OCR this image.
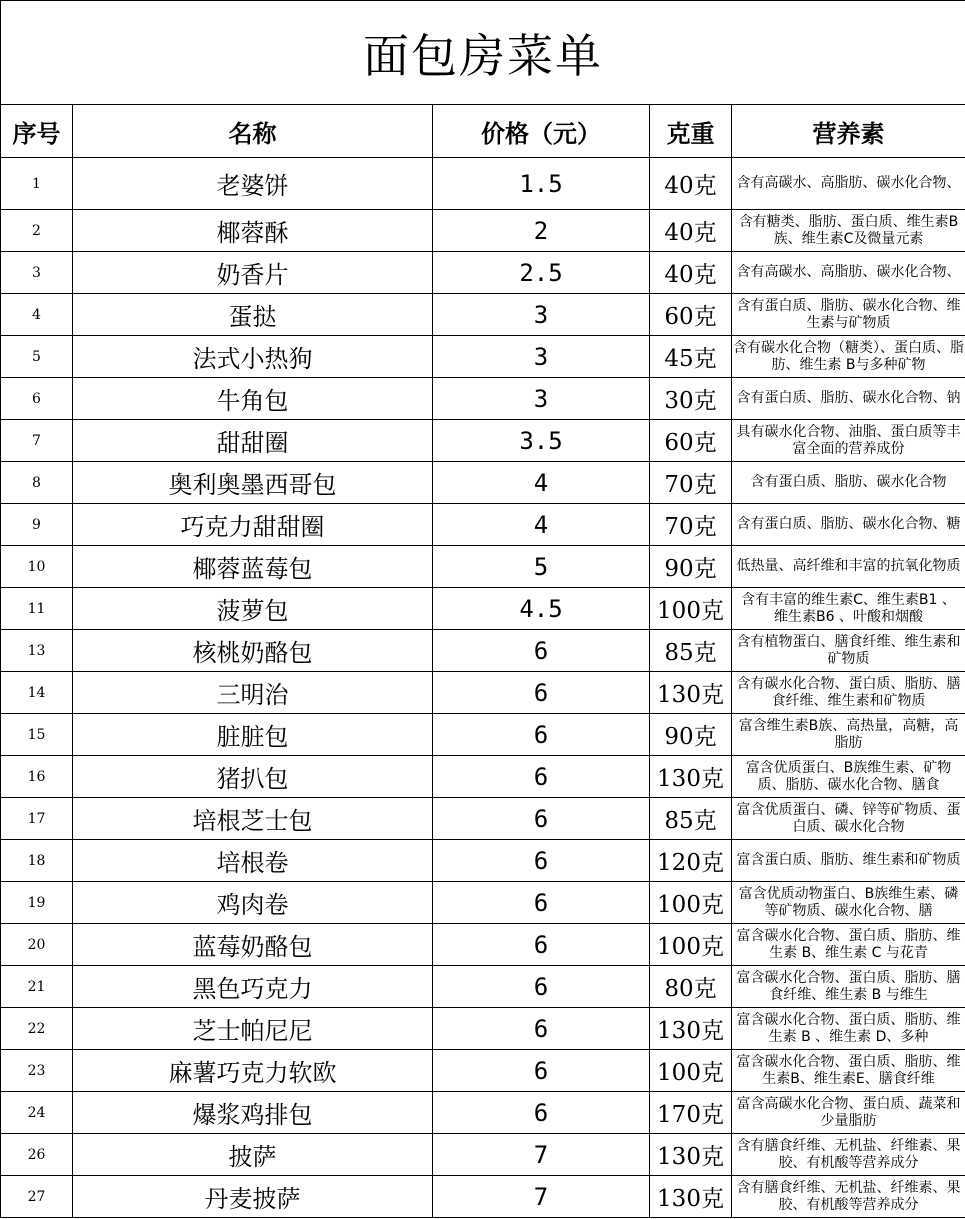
面包房菜单
序号	名称	价格（元）	克重	营养素
1	老婆饼	1.5	40克	含有高碳水、高脂肪、碳水化合物、

2	椰蓉酥	2	40克	含有糖类、脂肪、蛋白质、维生素B族、维生素C及微量元素

3	奶香片	2.5	40克	含有高碳水、高脂肪、碳水化合物、

4	蛋挞	3	60克	含有蛋白质、脂肪、碳水化合物、维生素与矿物质

5	法式小热狗	3	45克	含有碳水化合物（糖类）、蛋白质、脂肪、维生素 B与多种矿物

6	牛角包	3	30克	含有蛋白质、脂肪、碳水化合物、钠

7	甜甜圈	3.5	60克	具有碳水化合物、油脂、蛋白质等丰富全面的营养成份

8	奥利奥墨西哥包	4	70克	含有蛋白质、脂肪、碳水化合物

9	巧克力甜甜圈	4	70克	含有蛋白质、脂肪、碳水化合物、糖

10	椰蓉蓝莓包	5	90克	低热量、高纤维和丰富的抗氧化物质

11	菠萝包	4.5	100克	含有丰富的维生素C、维生素B1 、 维生素B6 、叶酸和烟酸

13	核桃奶酪包	6	85克	含有植物蛋白、膳食纤维、维生素和矿物质

14	三明治	6	130克	含有碳水化合物、蛋白质、脂肪、膳食纤维、维生素和矿物质

15	脏脏包	6	90克	富含维生素B族、高热量，高糖，高脂肪

16	猪扒包	6	130克	富含优质蛋白、B族维生素、矿物质、脂肪、碳水化合物、膳食

17	培根芝士包	6	85克	富含优质蛋白、磷、锌等矿物质、蛋白质、碳水化合物

18	培根卷	6	120克	富含蛋白质、脂肪、维生素和矿物质

19	鸡肉卷	6	100克	富含优质动物蛋白、B族维生素、磷等矿物质、碳水化合物、膳

20	蓝莓奶酪包	6	100克	富含碳水化合物、蛋白质、脂肪、维生素 B、维生素 C 与花青

21	黑色巧克力	6	80克	富含碳水化合物、蛋白质、脂肪、膳食纤维、维生素 B 与维生

22	芝士帕尼尼	6	130克	富含碳水化合物、蛋白质、脂肪、维生素 B 、维生素 D、多种

23	麻薯巧克力软欧	6	100克	富含碳水化合物、蛋白质、脂肪、维生素B、维生素E、膳食纤维

24	爆浆鸡排包	6	170克	富含高碳水化合物、蛋白质、蔬菜和少量脂肪

26	披萨	7	130克	含有膳食纤维、无机盐、纤维素、果胶、有机酸等营养成分

27	丹麦披萨	7	130克	含有膳食纤维、无机盐、纤维素、果胶、有机酸等营养成分
